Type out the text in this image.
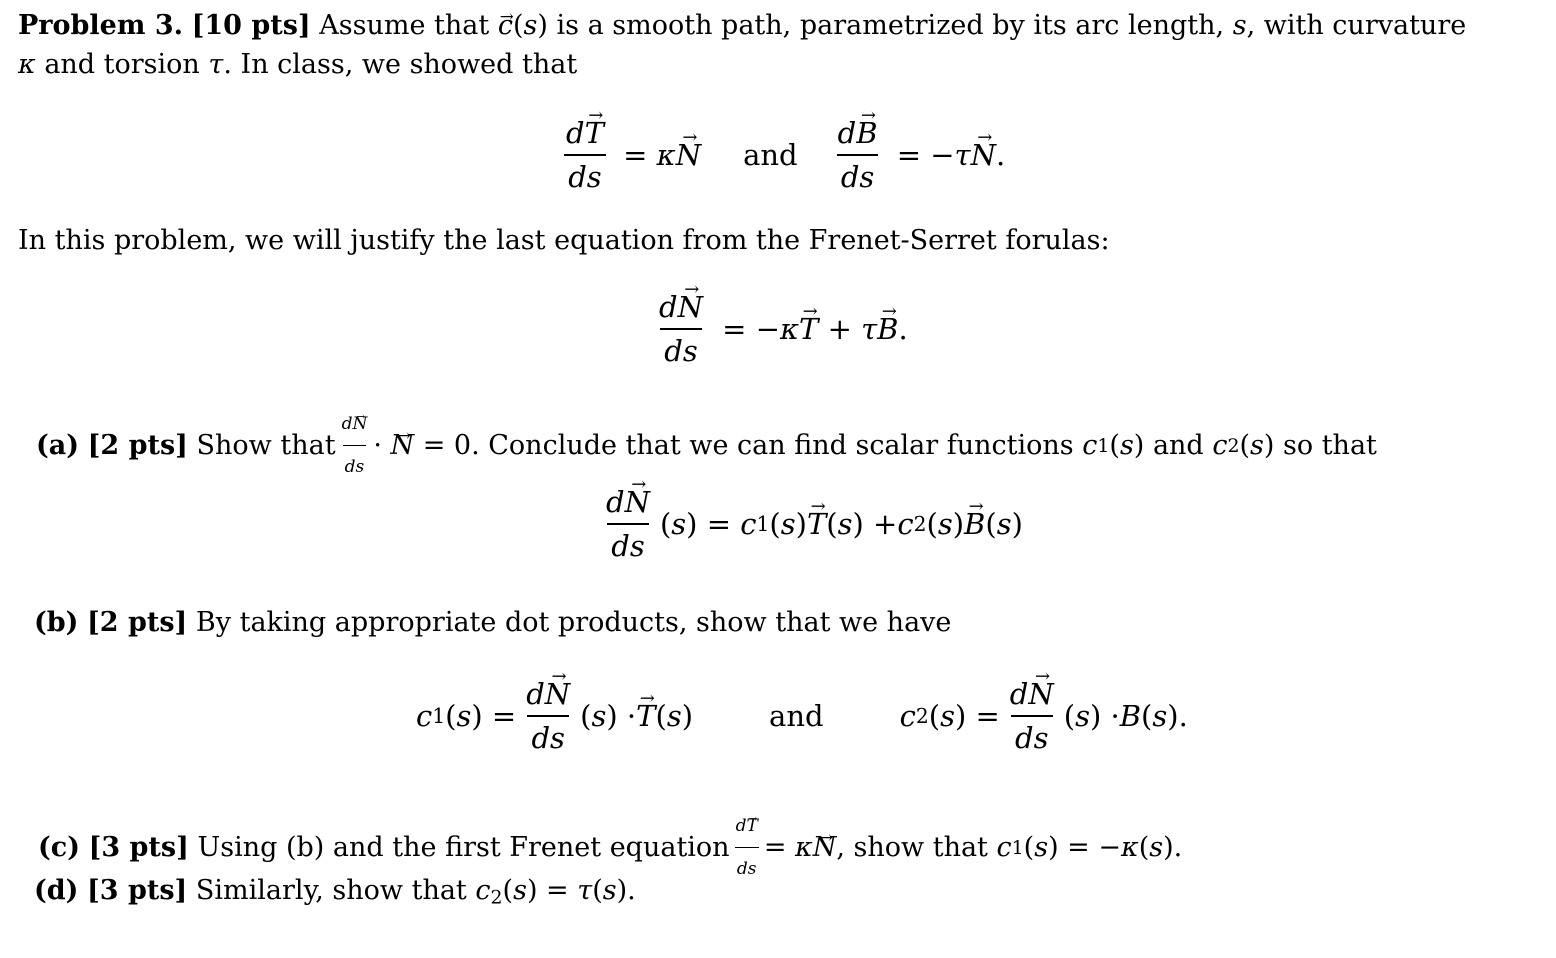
Problem 3. [10 pts] Assume that → c(s) is a smooth path, parametrized by its arc length, s, with curvature
κ and torsion τ. In class, we showed that
$\frac{d\to T}{ds} = \kappa$
→ N and $\frac{d\to B}{ds}$ = − τ
→ N .
In this problem, we will justify the last equation from the Frenet-Serret forulas:
$\frac{d\to N}{ds}$ = − κ
→ T + τ
→ B .
(a)
[2 pts]
Show that $\frac{d\to N}{ds}$ ·
→ N
= 0. Conclude that we can find scalar functions
c 1 (s)
and
c 2 (s)
so that
$\frac{d\to N}{ds} (s) = c$ 1 (s)
→ T (s) + c 2 (s)
→ B (s)
(b) [2 pts] By taking appropriate dot products, show that we have
c 1 $(s) = \frac{d\to N}{ds} (s)$ ·
→ T (s)	and	c 2 $(s) = \frac{d\to N}{ds} (s) \cdot B$ (s).
(c)
[3 pts]
Using (b) and the first Frenet equation $\frac{d\to T}{ds} = \kappa$
→ N , show that
c 1 (s) = − κ (s).
(d) [3 pts] Similarly, show that $c_2(s) = \tau(s)$.
